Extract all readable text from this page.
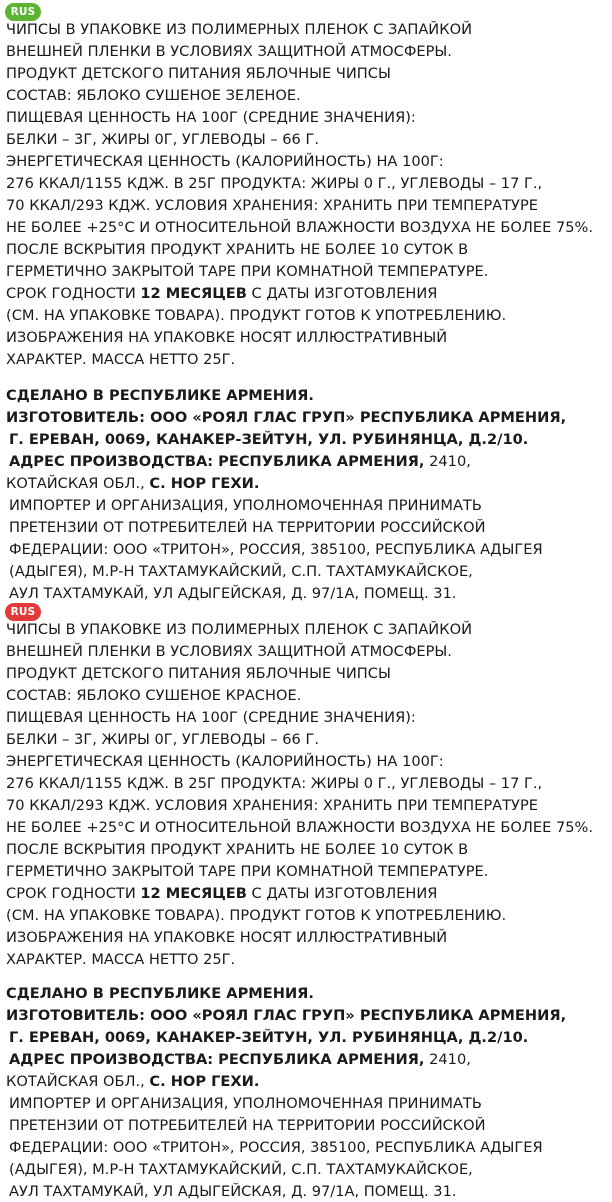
RUS
ЧИПСЫ В УПАКОВКЕ ИЗ ПОЛИМЕРНЫХ ПЛЕНОК С ЗАПАЙКОЙ
ВНЕШНЕЙ ПЛЕНКИ В УСЛОВИЯХ ЗАЩИТНОЙ АТМОСФЕРЫ.
ПРОДУКТ ДЕТСКОГО ПИТАНИЯ ЯБЛОЧНЫЕ ЧИПСЫ
СОСТАВ: ЯБЛОКО СУШЕНОЕ ЗЕЛЕНОЕ.
ПИЩЕВАЯ ЦЕННОСТЬ НА 100Г (СРЕДНИЕ ЗНАЧЕНИЯ):
БЕЛКИ – 3Г, ЖИРЫ 0Г, УГЛЕВОДЫ – 66 Г.
ЭНЕРГЕТИЧЕСКАЯ ЦЕННОСТЬ (КАЛОРИЙНОСТЬ) НА 100Г:
276 ККАЛ/1155 КДЖ. В 25Г ПРОДУКТА: ЖИРЫ 0 Г., УГЛЕВОДЫ – 17 Г.,
70 ККАЛ/293 КДЖ. УСЛОВИЯ ХРАНЕНИЯ: ХРАНИТЬ ПРИ ТЕМПЕРАТУРЕ
НЕ БОЛЕЕ +25°С И ОТНОСИТЕЛЬНОЙ ВЛАЖНОСТИ ВОЗДУХА НЕ БОЛЕЕ 75%.
ПОСЛЕ ВСКРЫТИЯ ПРОДУКТ ХРАНИТЬ НЕ БОЛЕЕ 10 СУТОК В
ГЕРМЕТИЧНО ЗАКРЫТОЙ ТАРЕ ПРИ КОМНАТНОЙ ТЕМПЕРАТУРЕ.
СРОК ГОДНОСТИ 12 МЕСЯЦЕВ С ДАТЫ ИЗГОТОВЛЕНИЯ
(СМ. НА УПАКОВКЕ ТОВАРА). ПРОДУКТ ГОТОВ К УПОТРЕБЛЕНИЮ.
ИЗОБРАЖЕНИЯ НА УПАКОВКЕ НОСЯТ ИЛЛЮСТРАТИВНЫЙ
ХАРАКТЕР. МАССА НЕТТО 25Г.
СДЕЛАНО В РЕСПУБЛИКЕ АРМЕНИЯ.
ИЗГОТОВИТЕЛЬ: ООО «РОЯЛ ГЛАС ГРУП» РЕСПУБЛИКА АРМЕНИЯ,
Г. ЕРЕВАН, 0069, КАНАКЕР-ЗЕЙТУН, УЛ. РУБИНЯНЦА, Д.2/10.
АДРЕС ПРОИЗВОДСТВА: РЕСПУБЛИКА АРМЕНИЯ, 2410,
КОТАЙСКАЯ ОБЛ., С. НОР ГЕХИ.
ИМПОРТЕР И ОРГАНИЗАЦИЯ, УПОЛНОМОЧЕННАЯ ПРИНИМАТЬ
ПРЕТЕНЗИИ ОТ ПОТРЕБИТЕЛЕЙ НА ТЕРРИТОРИИ РОССИЙСКОЙ
ФЕДЕРАЦИИ: ООО «ТРИТОН», РОССИЯ, 385100, РЕСПУБЛИКА АДЫГЕЯ
(АДЫГЕЯ), М.Р-Н ТАХТАМУКАЙСКИЙ, С.П. ТАХТАМУКАЙСКОЕ,
АУЛ ТАХТАМУКАЙ, УЛ АДЫГЕЙСКАЯ, Д. 97/1А, ПОМЕЩ. 31.
RUS
ЧИПСЫ В УПАКОВКЕ ИЗ ПОЛИМЕРНЫХ ПЛЕНОК С ЗАПАЙКОЙ
ВНЕШНЕЙ ПЛЕНКИ В УСЛОВИЯХ ЗАЩИТНОЙ АТМОСФЕРЫ.
ПРОДУКТ ДЕТСКОГО ПИТАНИЯ ЯБЛОЧНЫЕ ЧИПСЫ
СОСТАВ: ЯБЛОКО СУШЕНОЕ КРАСНОЕ.
ПИЩЕВАЯ ЦЕННОСТЬ НА 100Г (СРЕДНИЕ ЗНАЧЕНИЯ):
БЕЛКИ – 3Г, ЖИРЫ 0Г, УГЛЕВОДЫ – 66 Г.
ЭНЕРГЕТИЧЕСКАЯ ЦЕННОСТЬ (КАЛОРИЙНОСТЬ) НА 100Г:
276 ККАЛ/1155 КДЖ. В 25Г ПРОДУКТА: ЖИРЫ 0 Г., УГЛЕВОДЫ – 17 Г.,
70 ККАЛ/293 КДЖ. УСЛОВИЯ ХРАНЕНИЯ: ХРАНИТЬ ПРИ ТЕМПЕРАТУРЕ
НЕ БОЛЕЕ +25°С И ОТНОСИТЕЛЬНОЙ ВЛАЖНОСТИ ВОЗДУХА НЕ БОЛЕЕ 75%.
ПОСЛЕ ВСКРЫТИЯ ПРОДУКТ ХРАНИТЬ НЕ БОЛЕЕ 10 СУТОК В
ГЕРМЕТИЧНО ЗАКРЫТОЙ ТАРЕ ПРИ КОМНАТНОЙ ТЕМПЕРАТУРЕ.
СРОК ГОДНОСТИ 12 МЕСЯЦЕВ С ДАТЫ ИЗГОТОВЛЕНИЯ
(СМ. НА УПАКОВКЕ ТОВАРА). ПРОДУКТ ГОТОВ К УПОТРЕБЛЕНИЮ.
ИЗОБРАЖЕНИЯ НА УПАКОВКЕ НОСЯТ ИЛЛЮСТРАТИВНЫЙ
ХАРАКТЕР. МАССА НЕТТО 25Г.
СДЕЛАНО В РЕСПУБЛИКЕ АРМЕНИЯ.
ИЗГОТОВИТЕЛЬ: ООО «РОЯЛ ГЛАС ГРУП» РЕСПУБЛИКА АРМЕНИЯ,
Г. ЕРЕВАН, 0069, КАНАКЕР-ЗЕЙТУН, УЛ. РУБИНЯНЦА, Д.2/10.
АДРЕС ПРОИЗВОДСТВА: РЕСПУБЛИКА АРМЕНИЯ, 2410,
КОТАЙСКАЯ ОБЛ., С. НОР ГЕХИ.
ИМПОРТЕР И ОРГАНИЗАЦИЯ, УПОЛНОМОЧЕННАЯ ПРИНИМАТЬ
ПРЕТЕНЗИИ ОТ ПОТРЕБИТЕЛЕЙ НА ТЕРРИТОРИИ РОССИЙСКОЙ
ФЕДЕРАЦИИ: ООО «ТРИТОН», РОССИЯ, 385100, РЕСПУБЛИКА АДЫГЕЯ
(АДЫГЕЯ), М.Р-Н ТАХТАМУКАЙСКИЙ, С.П. ТАХТАМУКАЙСКОЕ,
АУЛ ТАХТАМУКАЙ, УЛ АДЫГЕЙСКАЯ, Д. 97/1А, ПОМЕЩ. 31.
